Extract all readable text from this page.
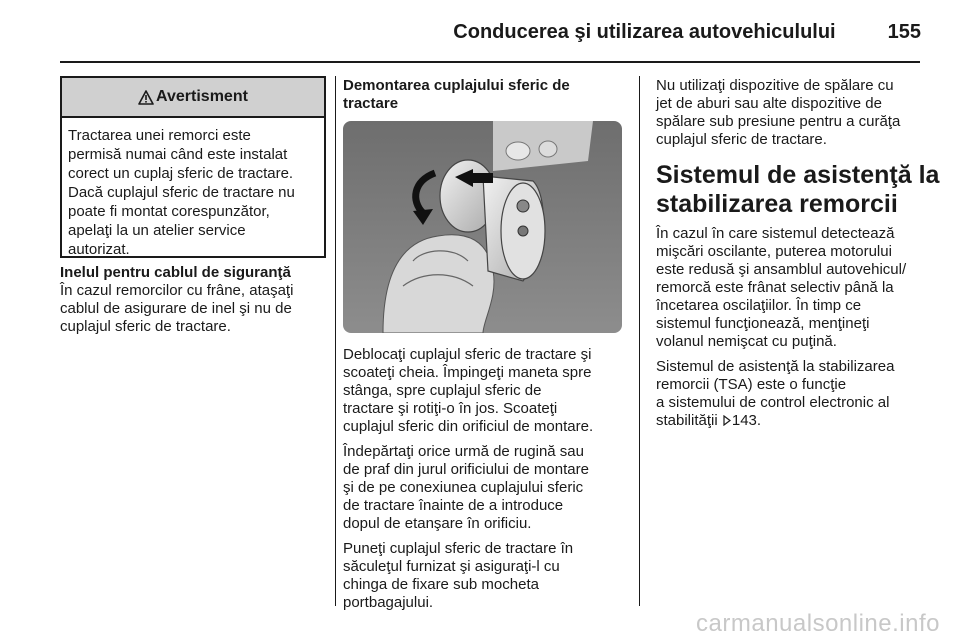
Conducerea şi utilizarea autovehiculului	155
Avertisment
Tractarea unei remorci este
permisă numai când este instalat
corect un cuplaj sferic de tractare.
Dacă cuplajul sferic de tractare nu
poate fi montat corespunzător,
apelaţi la un atelier service
autorizat.
Inelul pentru cablul de siguranţă
În cazul remorcilor cu frâne, ataşaţi
cablul de asigurare de inel şi nu de
cuplajul sferic de tractare.
Demontarea cuplajului sferic de
tractare

Deblocaţi cuplajul sferic de tractare şi
scoateţi cheia. Împingeţi maneta spre
stânga, spre cuplajul sferic de
tractare şi rotiţi-o în jos. Scoateţi
cuplajul sferic din orificiul de montare.

Îndepărtaţi orice urmă de rugină sau
de praf din jurul orificiului de montare
şi de pe conexiunea cuplajului sferic
de tractare înainte de a introduce
dopul de etanşare în orificiu.

Puneţi cuplajul sferic de tractare în
săculeţul furnizat şi asiguraţi-l cu
chinga de fixare sub mocheta
portbagajului.

Nu utilizaţi dispozitive de spălare cu
jet de aburi sau alte dispozitive de
spălare sub presiune pentru a curăţa
cuplajul sferic de tractare.

Sistemul de asistenţă la
stabilizarea remorcii

În cazul în care sistemul detectează
mişcări oscilante, puterea motorului
este redusă şi ansamblul autovehicul/
remorcă este frânat selectiv până la
încetarea oscilaţiilor. În timp ce
sistemul funcţionează, menţineţi
volanul nemişcat cu puţină.

Sistemul de asistenţă la stabilizarea
remorcii (TSA) este o funcţie
a sistemului de control electronic al
stabilităţii 143.

carmanualsonline.info
